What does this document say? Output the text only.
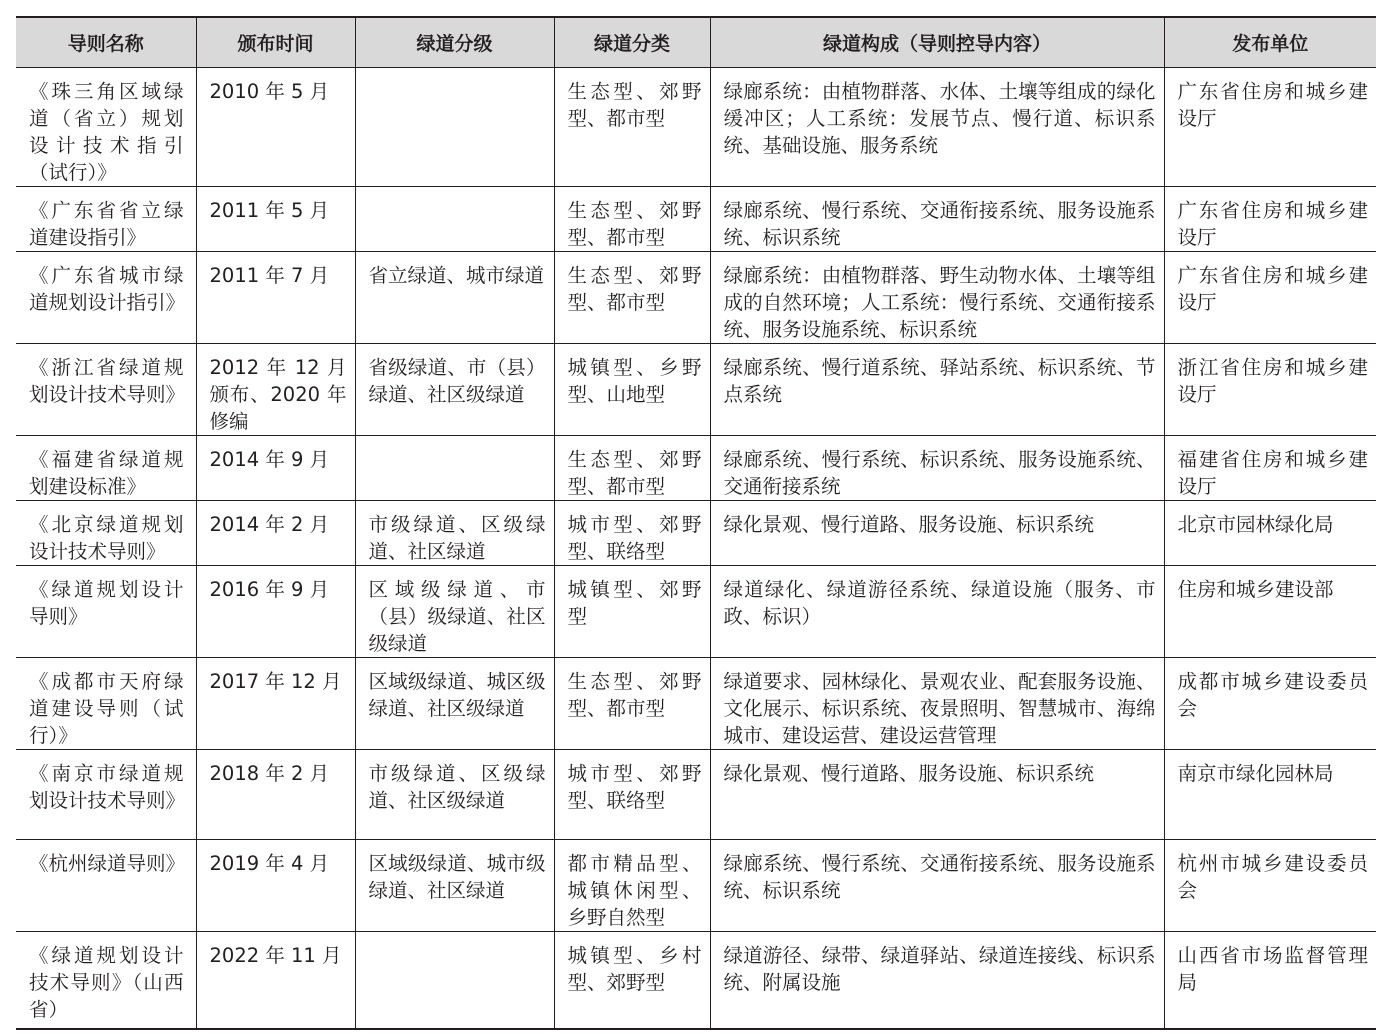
导则名称	颁布时间	绿道分级	绿道分类	绿道构成（导则控导内容）	发布单位
《珠三角区域绿道（省立）规划设计技术指引（试行）》	2010 年 5 月		生态型、郊野型、都市型	绿廊系统：由植物群落、水体、土壤等组成的绿化缓冲区；人工系统：发展节点、慢行道、标识系统、基础设施、服务系统	广东省住房和城乡建设厅
《广东省省立绿道建设指引》	2011 年 5 月		生态型、郊野型、都市型	绿廊系统、慢行系统、交通衔接系统、服务设施系统、标识系统	广东省住房和城乡建设厅
《广东省城市绿道规划设计指引》	2011 年 7 月	省立绿道、城市绿道	生态型、郊野型、都市型	绿廊系统：由植物群落、野生动物水体、土壤等组成的自然环境；人工系统：慢行系统、交通衔接系统、服务设施系统、标识系统	广东省住房和城乡建设厅
《浙江省绿道规划设计技术导则》	2012 年 12 月颁布、2020 年修编	省级绿道、市（县）绿道、社区级绿道	城镇型、乡野型、山地型	绿廊系统、慢行道系统、驿站系统、标识系统、节点系统	浙江省住房和城乡建设厅
《福建省绿道规划建设标准》	2014 年 9 月		生态型、郊野型、都市型	绿廊系统、慢行系统、标识系统、服务设施系统、交通衔接系统	福建省住房和城乡建设厅
《北京绿道规划设计技术导则》	2014 年 2 月	市级绿道、区级绿道、社区绿道	城市型、郊野型、联络型	绿化景观、慢行道路、服务设施、标识系统	北京市园林绿化局
《绿道规划设计导则》	2016 年 9 月	区域级绿道、市（县）级绿道、社区级绿道	城镇型、郊野型	绿道绿化、绿道游径系统、绿道设施（服务、市政、标识）	住房和城乡建设部
《成都市天府绿道建设导则（试行）》	2017 年 12 月	区域级绿道、城区级绿道、社区级绿道	生态型、郊野型、都市型	绿道要求、园林绿化、景观农业、配套服务设施、文化展示、标识系统、夜景照明、智慧城市、海绵城市、建设运营、建设运营管理	成都市城乡建设委员会
《南京市绿道规划设计技术导则》	2018 年 2 月	市级绿道、区级绿道、社区级绿道	城市型、郊野型、联络型	绿化景观、慢行道路、服务设施、标识系统	南京市绿化园林局
《杭州绿道导则》	2019 年 4 月	区域级绿道、城市级绿道、社区绿道	都市精品型、城镇休闲型、乡野自然型	绿廊系统、慢行系统、交通衔接系统、服务设施系统、标识系统	杭州市城乡建设委员会
《绿道规划设计技术导则》（山西省）	2022 年 11 月		城镇型、乡村型、郊野型	绿道游径、绿带、绿道驿站、绿道连接线、标识系统、附属设施	山西省市场监督管理局
